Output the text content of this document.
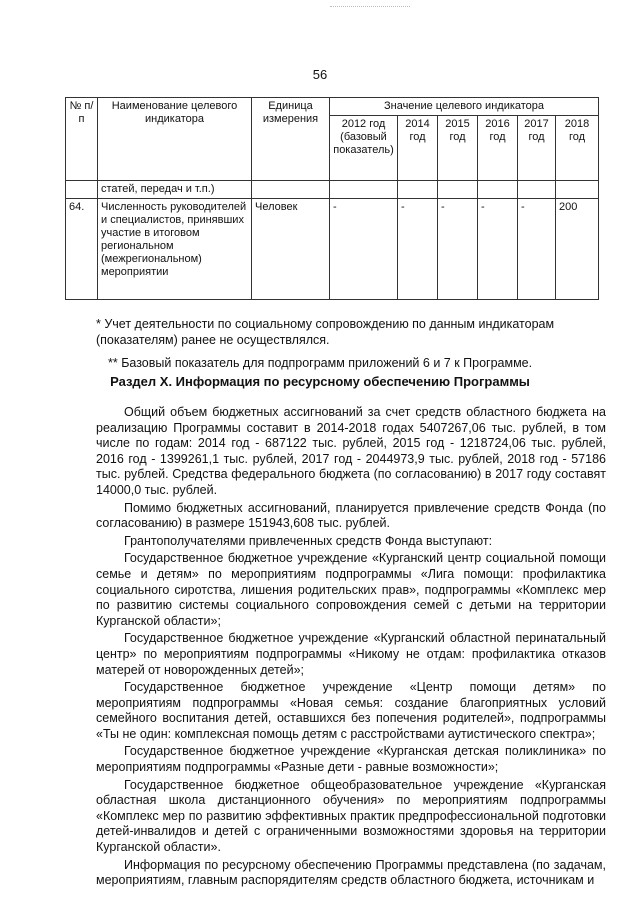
56
№ п/п	Наименование целевого индикатора	Единица измерения	Значение целевого индикатора					
			2012 год (базовый показатель)	2014 год	2015 год	2016 год	2017 год	2018 год
	статей, передач и т.п.)							
64.	Численность руководителей и специалистов, принявших участие в итоговом региональном (межрегиональном) мероприятии	Человек	-	-	-	-	-	200

* Учет деятельности по социальному сопровождению по данным индикаторам (показателям) ранее не осуществлялся.

** Базовый показатель для подпрограмм приложений 6 и 7 к Программе.

Раздел X. Информация по ресурсному обеспечению Программы

Общий объем бюджетных ассигнований за счет средств областного бюджета на реализацию Программы составит в 2014-2018 годах 5407267,06 тыс. рублей, в том числе по годам: 2014 год - 687122 тыс. рублей, 2015 год - 1218724,06 тыс. рублей, 2016 год - 1399261,1 тыс. рублей, 2017 год - 2044973,9 тыс. рублей, 2018 год - 57186 тыс. рублей. Средства федерального бюджета (по согласованию) в 2017 году составят 14000,0 тыс. рублей.

Помимо бюджетных ассигнований, планируется привлечение средств Фонда (по согласованию) в размере 151943,608 тыс. рублей.

Грантополучателями привлеченных средств Фонда выступают:

Государственное бюджетное учреждение «Курганский центр социальной помощи семье и детям» по мероприятиям подпрограммы «Лига помощи: профилактика социального сиротства, лишения родительских прав», подпрограммы «Комплекс мер по развитию системы социального сопровождения семей с детьми на территории Курганской области»;

Государственное бюджетное учреждение «Курганский областной перинатальный центр» по мероприятиям подпрограммы «Никому не отдам: профилактика отказов матерей от новорожденных детей»;

Государственное бюджетное учреждение «Центр помощи детям» по мероприятиям подпрограммы «Новая семья: создание благоприятных условий семейного воспитания детей, оставшихся без попечения родителей», подпрограммы «Ты не один: комплексная помощь детям с расстройствами аутистического спектра»;

Государственное бюджетное учреждение «Курганская детская поликлиника» по мероприятиям подпрограммы «Разные дети - равные возможности»;

Государственное бюджетное общеобразовательное учреждение «Курганская областная школа дистанционного обучения» по мероприятиям подпрограммы «Комплекс мер по развитию эффективных практик предпрофессиональной подготовки детей-инвалидов и детей с ограниченными возможностями здоровья на территории Курганской области».

Информация по ресурсному обеспечению Программы представлена (по задачам, мероприятиям, главным распорядителям средств областного бюджета, источникам и
